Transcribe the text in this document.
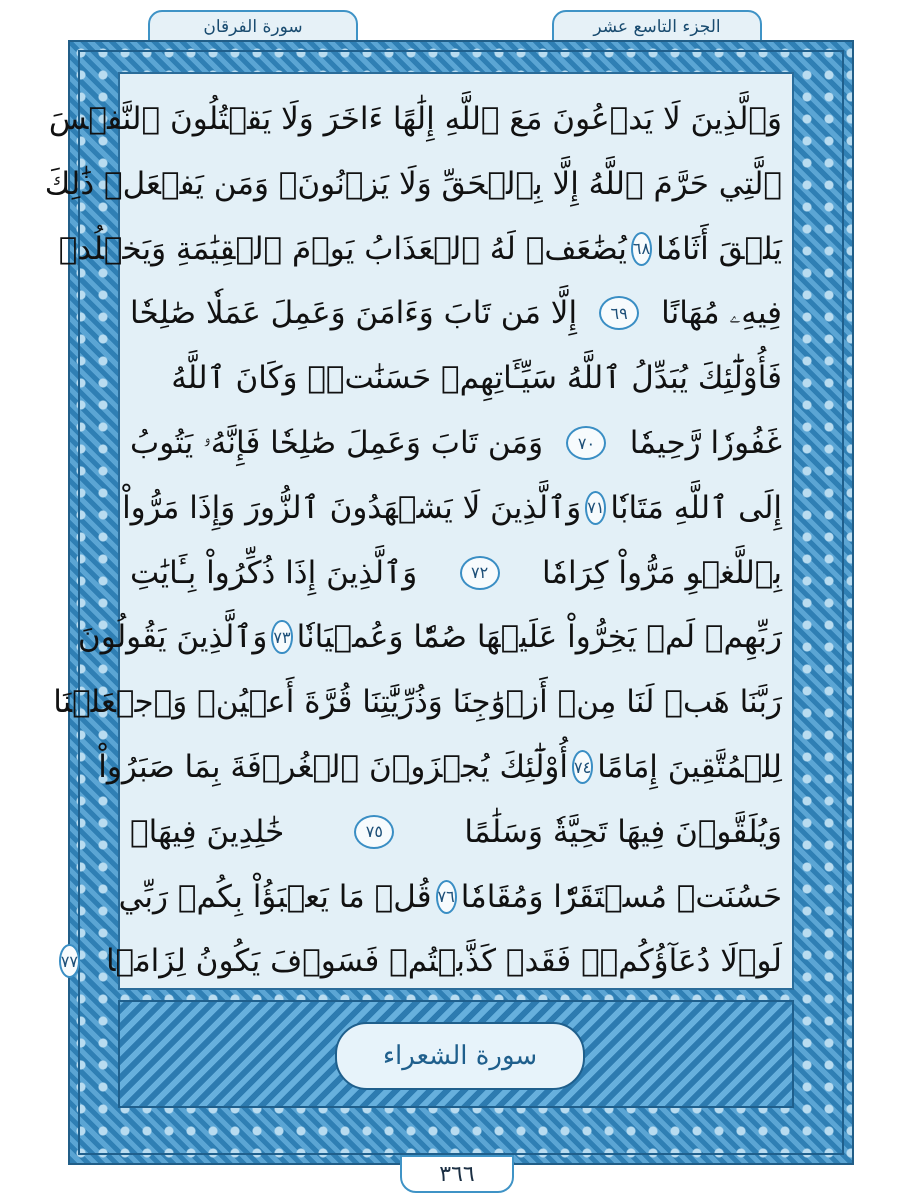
الجزء التاسع عشر
سورة الفرقان
وَٱلَّذِينَ لَا يَدۡعُونَ مَعَ ٱللَّهِ إِلَٰهًا ءَاخَرَ وَلَا يَقۡتُلُونَ ٱلنَّفۡسَ
ٱلَّتِي حَرَّمَ ٱللَّهُ إِلَّا بِٱلۡحَقِّ وَلَا يَزۡنُونَۚ وَمَن يَفۡعَلۡ ذَٰلِكَ
يَلۡقَ أَثَامٗا
٦٨
يُضَٰعَفۡ لَهُ ٱلۡعَذَابُ يَوۡمَ ٱلۡقِيَٰمَةِ وَيَخۡلُدۡ
فِيهِۦ مُهَانًا
٦٩
إِلَّا مَن تَابَ وَءَامَنَ وَعَمِلَ عَمَلٗا صَٰلِحٗا
فَأُوْلَٰٓئِكَ يُبَدِّلُ ٱللَّهُ سَيِّـَٔاتِهِمۡ حَسَنَٰتٖۗ وَكَانَ ٱللَّهُ
غَفُورٗا رَّحِيمٗا
٧٠
وَمَن تَابَ وَعَمِلَ صَٰلِحٗا فَإِنَّهُۥ يَتُوبُ
إِلَى ٱللَّهِ مَتَابٗا
٧١
وَٱلَّذِينَ لَا يَشۡهَدُونَ ٱلزُّورَ وَإِذَا مَرُّواْ
بِٱللَّغۡوِ مَرُّواْ كِرَامٗا
٧٢
وَٱلَّذِينَ إِذَا ذُكِّرُواْ بِـَٔايَٰتِ
رَبِّهِمۡ لَمۡ يَخِرُّواْ عَلَيۡهَا صُمّٗا وَعُمۡيَانٗا
٧٣
وَٱلَّذِينَ يَقُولُونَ
رَبَّنَا هَبۡ لَنَا مِنۡ أَزۡوَٰجِنَا وَذُرِّيَّٰتِنَا قُرَّةَ أَعۡيُنٖ وَٱجۡعَلۡنَا
لِلۡمُتَّقِينَ إِمَامًا
٧٤
أُوْلَٰٓئِكَ يُجۡزَوۡنَ ٱلۡغُرۡفَةَ بِمَا صَبَرُواْ
وَيُلَقَّوۡنَ فِيهَا تَحِيَّةٗ وَسَلَٰمًا
٧٥
خَٰلِدِينَ فِيهَاۚ
حَسُنَتۡ مُسۡتَقَرّٗا وَمُقَامٗا
٧٦
قُلۡ مَا يَعۡبَؤُاْ بِكُمۡ رَبِّي
لَوۡلَا دُعَآؤُكُمۡۖ فَقَدۡ كَذَّبۡتُمۡ فَسَوۡفَ يَكُونُ لِزَامَۢا
٧٧
سورة الشعراء
٣٦٦
